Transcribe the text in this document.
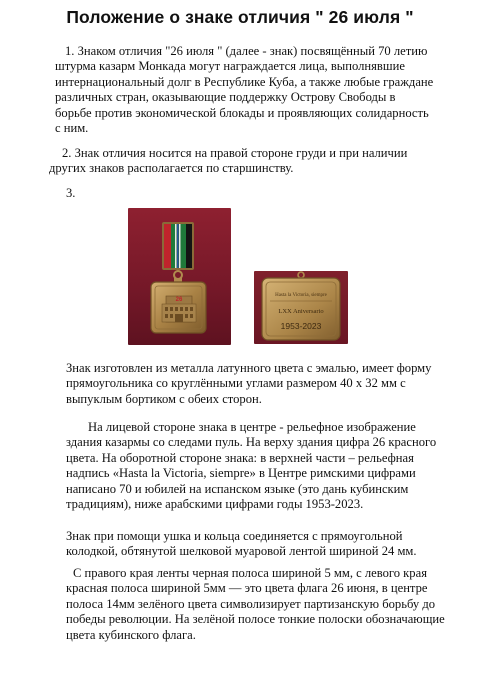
Положение о знаке отличия " 26 июля "

1. Знаком отличия "26 июля " (далее - знак) посвящённый 70 летию штурма казарм Монкада могут награждается лица, выполнявшие интернациональный долг в Республике Куба, а также любые граждане различных стран, оказывающие поддержку Острову Свободы в борьбе против экономической блокады и проявляющих солидарность с ним.

2. Знак отличия носится на правой стороне груди и при наличии других знаков располагается по старшинству.

3.

26
Hasta la Victoria, siempre
LXX Aniversario
1953-2023

Знак изготовлен из металла латунного цвета с эмалью, имеет форму прямоугольника со круглёнными углами размером 40 х 32 мм с выпуклым бортиком с обеих сторон.

На лицевой стороне знака в центре - рельефное изображение здания казармы со следами пуль. На верху здания цифра 26 красного цвета. На оборотной стороне знака: в верхней части – рельефная надпись «Hasta la Victoria, siempre» в Центре римскими цифрами написано 70 и юбилей на испанском языке (это дань кубинским традициям), ниже арабскими цифрами годы 1953-2023.

Знак при помощи ушка и кольца соединяется с прямоугольной колодкой, обтянутой шелковой муаровой лентой шириной 24 мм.

С правого края ленты черная полоса шириной 5 мм, с левого края красная полоса шириной 5мм — это цвета флага 26 июня, в центре полоса 14мм зелёного цвета символизирует партизанскую борьбу до победы революции. На зелёной полосе тонкие полоски обозначающие цвета кубинского флага.
